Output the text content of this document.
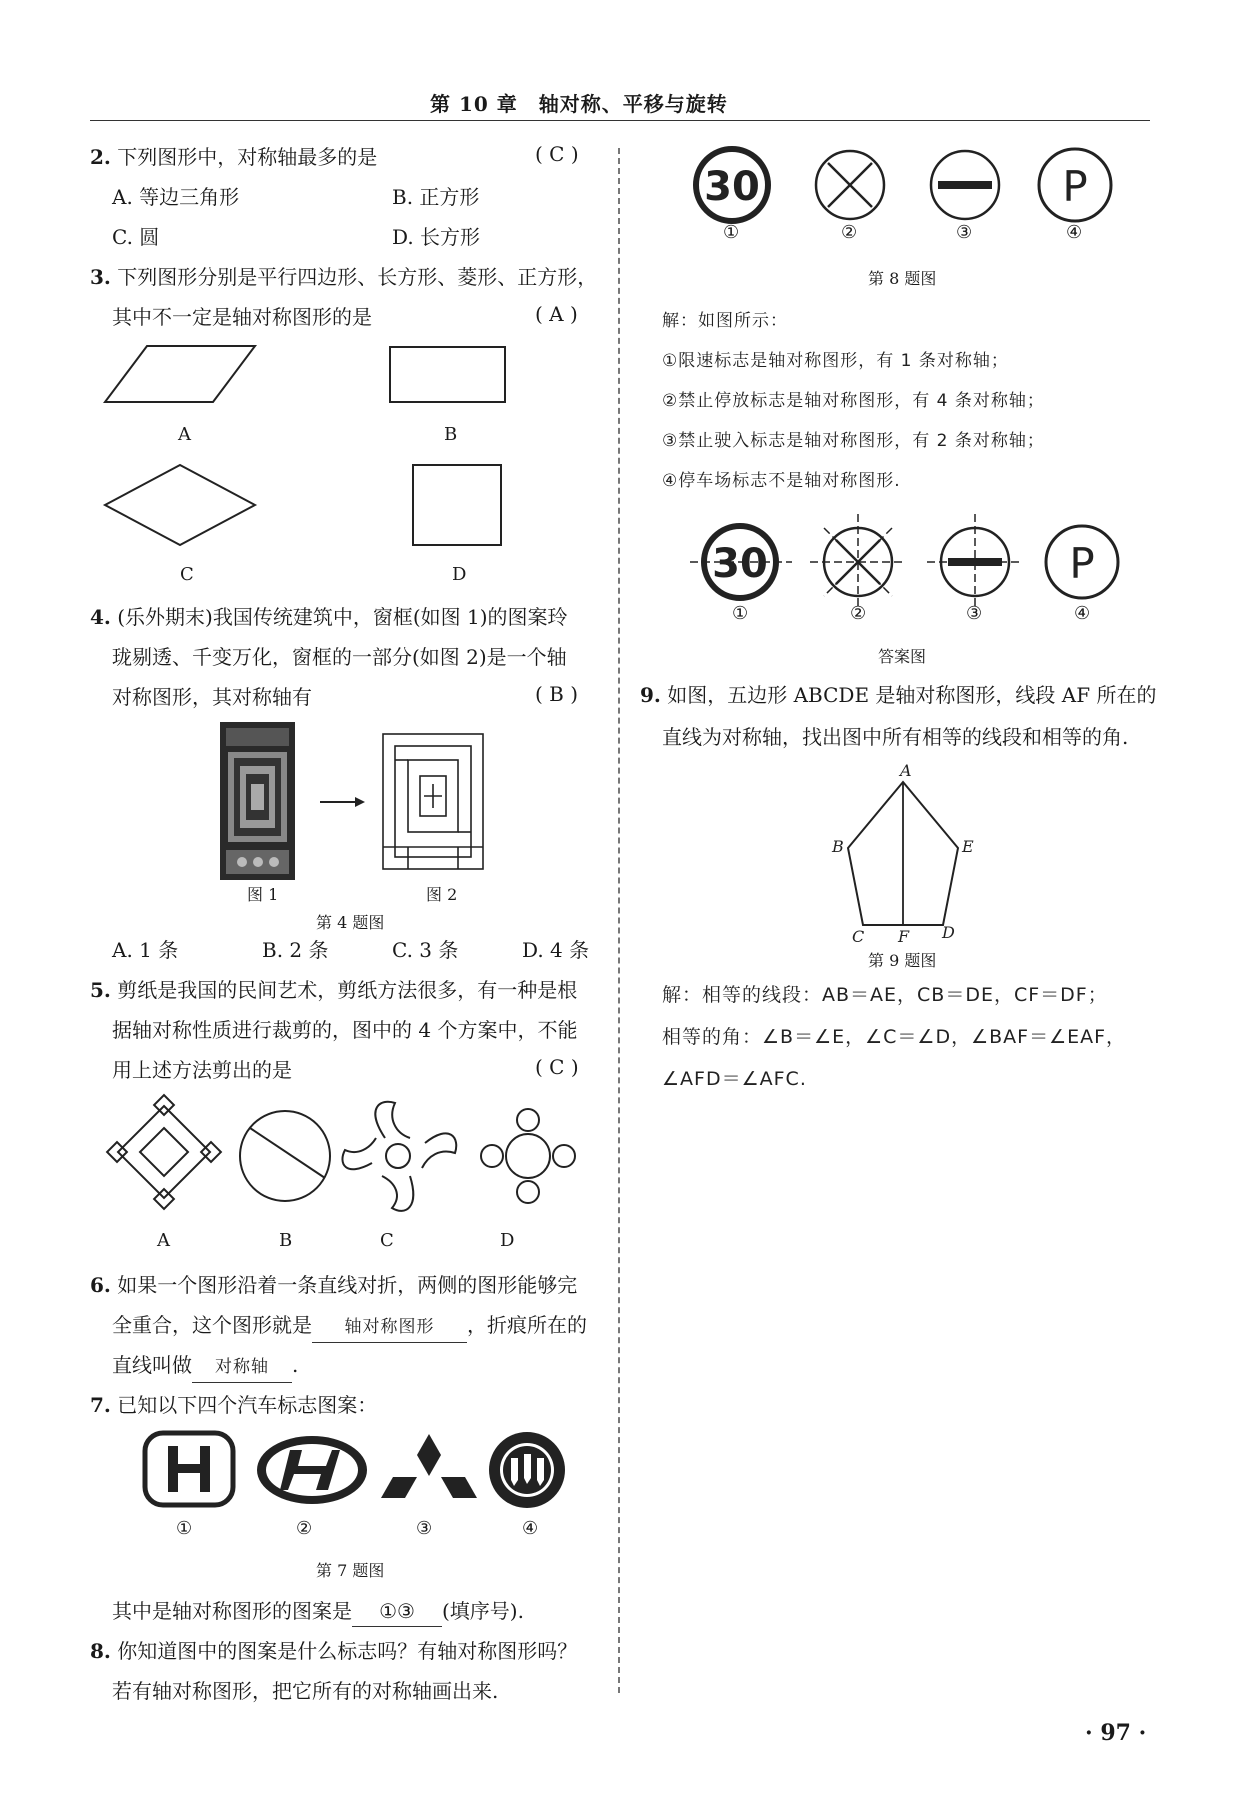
第 10 章　轴对称、平移与旋转
2. 下列图形中，对称轴最多的是	( C )
A. 等边三角形	B. 正方形
C. 圆	D. 长方形
3. 下列图形分别是平行四边形、长方形、菱形、正方形，
其中不一定是轴对称图形的是	( A )
A	B
C	D
4. (乐外期末)我国传统建筑中，窗框(如图 1)的图案玲
珑剔透、千变万化，窗框的一部分(如图 2)是一个轴
对称图形，其对称轴有	( B )
图 1	图 2
第 4 题图
A. 1 条	B. 2 条	C. 3 条	D. 4 条
5. 剪纸是我国的民间艺术，剪纸方法很多，有一种是根
据轴对称性质进行裁剪的，图中的 4 个方案中，不能
用上述方法剪出的是	( C )
A	B	C	D
6. 如果一个图形沿着一条直线对折，两侧的图形能够完
全重合，这个图形就是 轴对称图形 ，折痕所在的
直线叫做 对称轴 .
7. 已知以下四个汽车标志图案：
①	②	③	④
第 7 题图
其中是轴对称图形的图案是 ①③ (填序号).
8. 你知道图中的图案是什么标志吗？有轴对称图形吗？
若有轴对称图形，把它所有的对称轴画出来.
30	P
①	②	③	④
第 8 题图
解：如图所示：
①限速标志是轴对称图形，有 1 条对称轴；
②禁止停放标志是轴对称图形，有 4 条对称轴；
③禁止驶入标志是轴对称图形，有 2 条对称轴；
④停车场标志不是轴对称图形.
30	P
①	②	③	④
答案图
9. 如图，五边形 ABCDE 是轴对称图形，线段 AF 所在的
直线为对称轴，找出图中所有相等的线段和相等的角.
A
B	E
C F D
第 9 题图
解：相等的线段：AB＝AE，CB＝DE，CF＝DF；
相等的角：∠B＝∠E，∠C＝∠D，∠BAF＝∠EAF，
∠AFD＝∠AFC.
· 97 ·
